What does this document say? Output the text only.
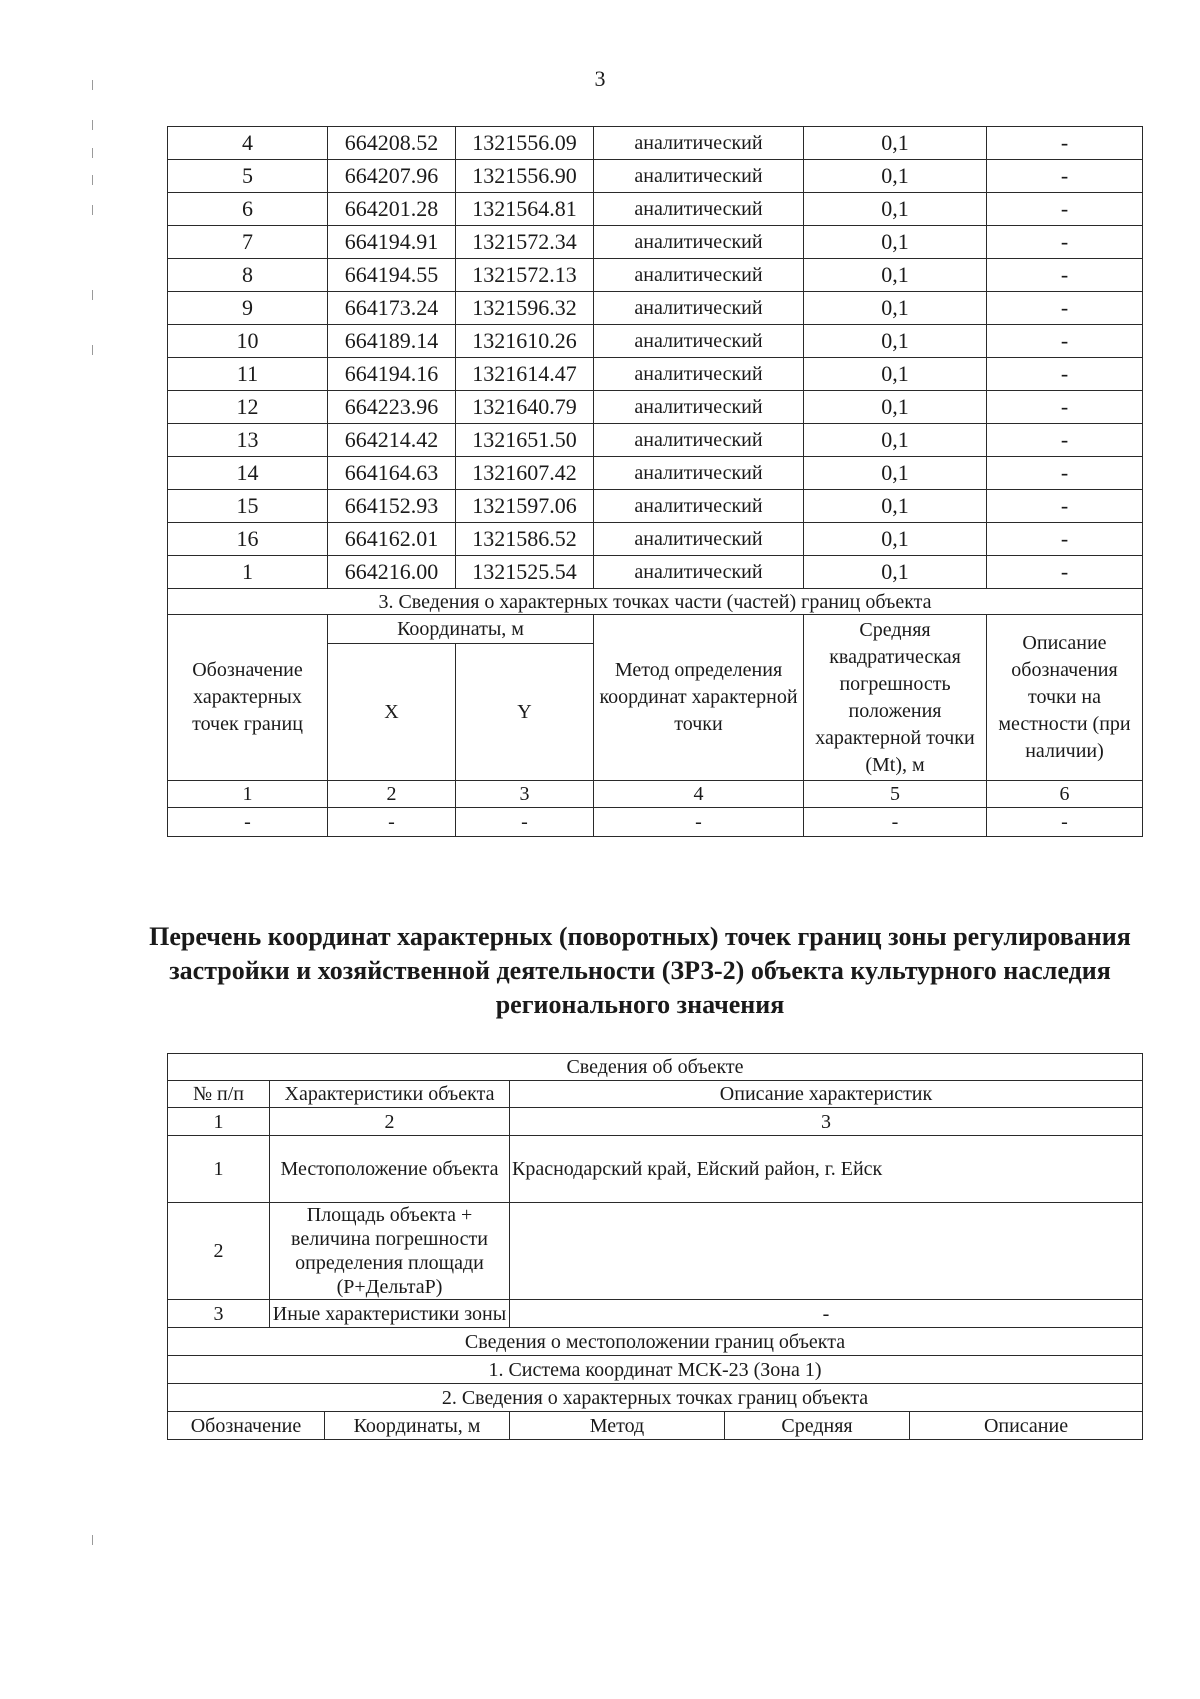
3
4	664208.52	1321556.09	аналитический	0,1	-
5	664207.96	1321556.90	аналитический	0,1	-
6	664201.28	1321564.81	аналитический	0,1	-
7	664194.91	1321572.34	аналитический	0,1	-
8	664194.55	1321572.13	аналитический	0,1	-
9	664173.24	1321596.32	аналитический	0,1	-
10	664189.14	1321610.26	аналитический	0,1	-
11	664194.16	1321614.47	аналитический	0,1	-
12	664223.96	1321640.79	аналитический	0,1	-
13	664214.42	1321651.50	аналитический	0,1	-
14	664164.63	1321607.42	аналитический	0,1	-
15	664152.93	1321597.06	аналитический	0,1	-
16	664162.01	1321586.52	аналитический	0,1	-
1	664216.00	1321525.54	аналитический	0,1	-
3. Сведения о характерных точках части (частей) границ объекта					
Обозначение характерных точек границ	Координаты, м		Метод определения координат характерной точки	Средняя квадратическая погрешность положения характерной точки (Mt), м	Описание обозначения точки на местности (при наличии)
	X	Y			
1	2	3	4	5	6
-	-	-	-	-	-
Перечень координат характерных (поворотных) точек границ зоны регулирования застройки и хозяйственной деятельности (ЗРЗ-2) объекта культурного наследия регионального значения
Сведения об объекте					
№ п/п	Характеристики объекта		Описание характеристик		
1	2		3		
1	Местоположение объекта		Краснодарский край, Ейский район, г. Ейск		
2	Площадь объекта + величина погрешности определения площади (P+ДельтаP)				
3	Иные характеристики зоны		-		
Сведения о местоположении границ объекта					
1. Система координат МСК-23 (Зона 1)					
2. Сведения о характерных точках границ объекта					
Обозначение		Координаты, м	Метод	Средняя	Описание
